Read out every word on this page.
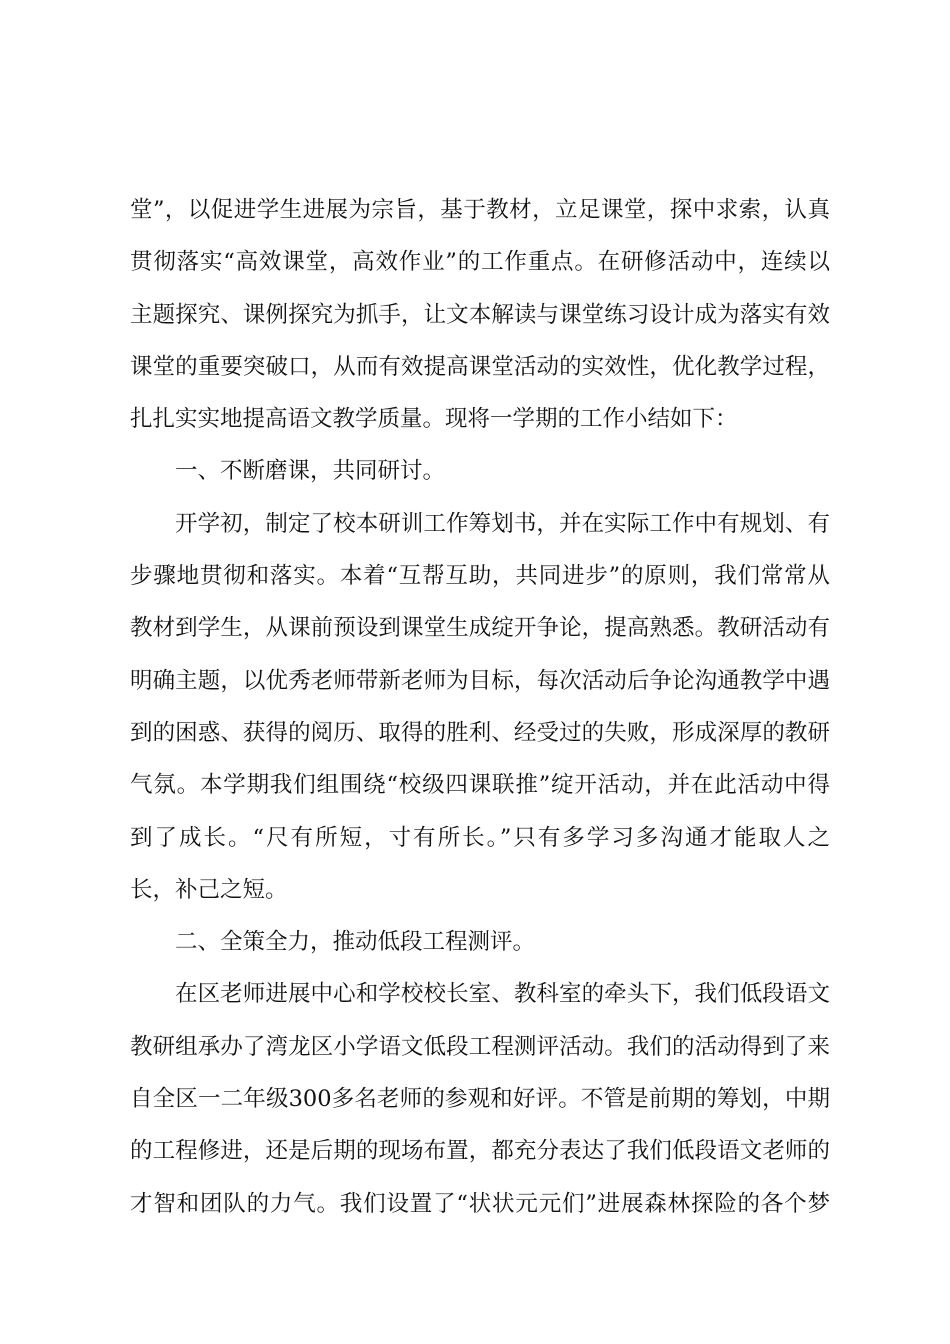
堂”，以促进学生进展为宗旨，基于教材，立足课堂，探中求索，认真
贯彻落实“高效课堂，高效作业”的工作重点。在研修活动中，连续以
主题探究、课例探究为抓手，让文本解读与课堂练习设计成为落实有效
课堂的重要突破口，从而有效提高课堂活动的实效性，优化教学过程，
扎扎实实地提高语文教学质量。现将一学期的工作小结如下：
一、不断磨课，共同研讨。
开学初，制定了校本研训工作筹划书，并在实际工作中有规划、有
步骤地贯彻和落实。本着“互帮互助，共同进步”的原则，我们常常从
教材到学生，从课前预设到课堂生成绽开争论，提高熟悉。教研活动有
明确主题，以优秀老师带新老师为目标，每次活动后争论沟通教学中遇
到的困惑、获得的阅历、取得的胜利、经受过的失败，形成深厚的教研
气氛。本学期我们组围绕“校级四课联推”绽开活动，并在此活动中得
到了成长。“尺有所短，寸有所长。”只有多学习多沟通才能取人之
长，补己之短。
二、全策全力，推动低段工程测评。
在区老师进展中心和学校校长室、教科室的牵头下，我们低段语文
教研组承办了湾龙区小学语文低段工程测评活动。我们的活动得到了来
自全区一二年级300多名老师的参观和好评。不管是前期的筹划，中期
的工程修进，还是后期的现场布置，都充分表达了我们低段语文老师的
才智和团队的力气。我们设置了“状状元元们”进展森林探险的各个梦
